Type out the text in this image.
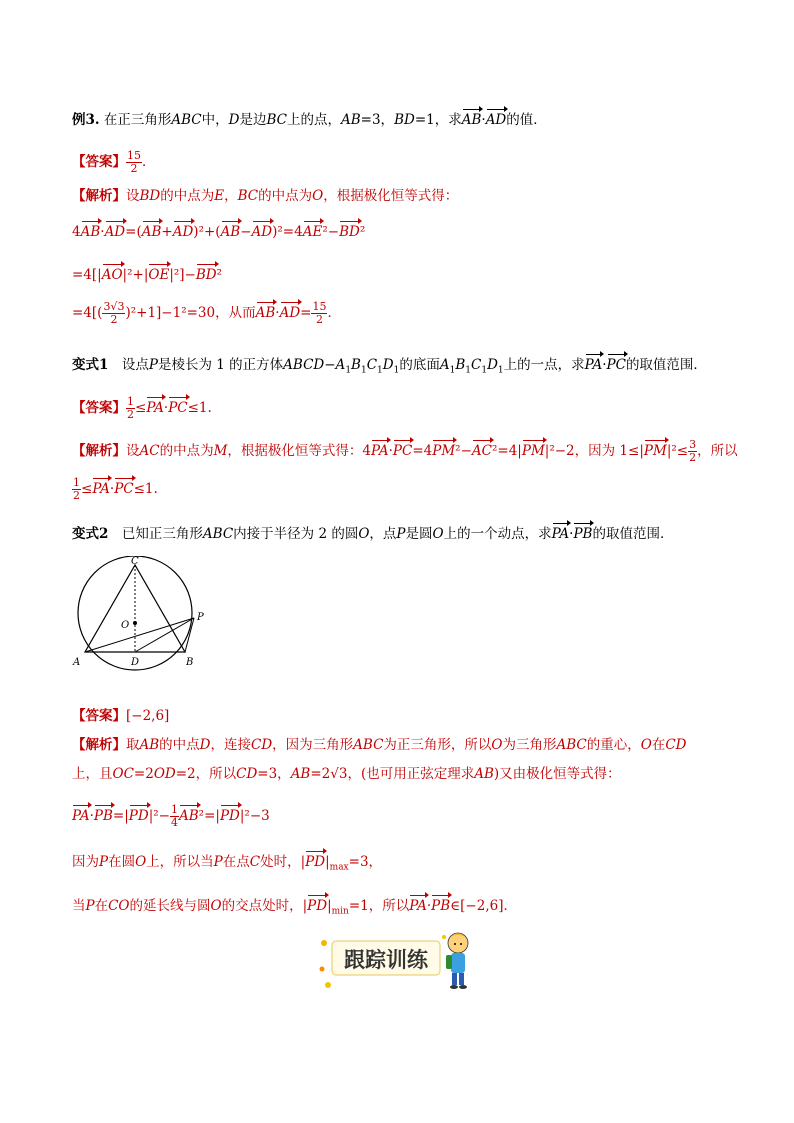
例3. 在正三角形ABC中，D是边BC上的点，AB=3，BD=1，求AB·AD的值．
【答案】 $\frac{15}{2}$ ．
【解析】设BD的中点为E，BC的中点为O，根据极化恒等式得：
4AB·AD=(AB+AD)²+(AB−AD)²=4AE²−BD²
=4[|AO|²+|OE|²]−BD²
$=4[( \frac{3√3}{2} )^2+1]-1^2=30$，从而$AB\cdot AD= \frac{15}{2}$ ．
变式1　设点P是棱长为 1 的正方体$ABCD-A_1B_1C_1D_1$的底面$A_1B_1C_1D_1$上的一点，求PA·PC的取值范围．
【答案】 $\frac{1}{2} \le PA\cdot PC\le 1$.
【解析】设AC的中点为M，根据极化恒等式得：4PA·PC=4PM²−AC²=4|PM|²−2，因为 $1\le|PM|^2\le \frac{3}{2}$ ，所以
$\frac{1}{2} \le PA\cdot PC\le 1$.
变式2　已知正三角形ABC内接于半径为 2 的圆O，点P是圆O上的一个动点，求PA·PB的取值范围．
C
O
P
A	D	B
【答案】[−2,6]
【解析】取AB的中点D，连接CD，因为三角形ABC为正三角形，所以O为三角形ABC的重心，O在CD
上，且OC=2OD=2，所以CD=3，AB=2√3，(也可用正弦定理求AB)又由极化恒等式得：
$PA\cdot PB=|PD|^2- \frac{1}{4} AB^2=|PD|^2-3$
因为P在圆O上，所以当P在点C处时，$|PD|_{max}=3$，
当P在CO的延长线与圆O的交点处时，$|PD|_{min}=1$，所以PA·PB∈[−2,6]．
跟踪训练
